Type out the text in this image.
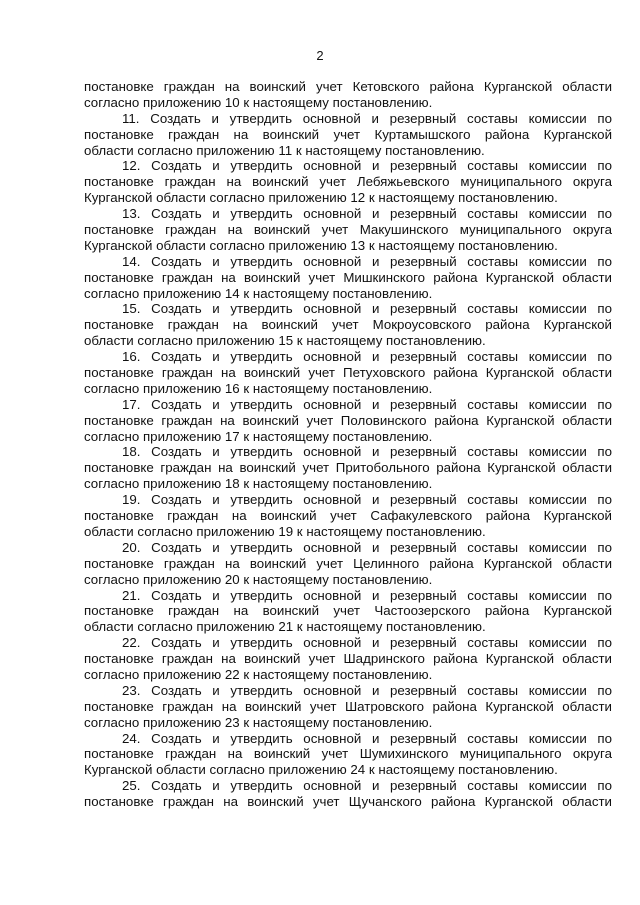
2
постановке граждан на воинский учет Кетовского района Курганской области
согласно приложению 10 к настоящему постановлению.
11. Создать и утвердить основной и резервный составы комиссии по
постановке граждан на воинский учет Куртамышского района Курганской
области согласно приложению 11 к настоящему постановлению.
12. Создать и утвердить основной и резервный составы комиссии по
постановке граждан на воинский учет Лебяжьевского муниципального округа
Курганской области согласно приложению 12 к настоящему постановлению.
13. Создать и утвердить основной и резервный составы комиссии по
постановке граждан на воинский учет Макушинского муниципального округа
Курганской области согласно приложению 13 к настоящему постановлению.
14. Создать и утвердить основной и резервный составы комиссии по
постановке граждан на воинский учет Мишкинского района Курганской области
согласно приложению 14 к настоящему постановлению.
15. Создать и утвердить основной и резервный составы комиссии по
постановке граждан на воинский учет Мокроусовского района Курганской
области согласно приложению 15 к настоящему постановлению.
16. Создать и утвердить основной и резервный составы комиссии по
постановке граждан на воинский учет Петуховского района Курганской области
согласно приложению 16 к настоящему постановлению.
17. Создать и утвердить основной и резервный составы комиссии по
постановке граждан на воинский учет Половинского района Курганской области
согласно приложению 17 к настоящему постановлению.
18. Создать и утвердить основной и резервный составы комиссии по
постановке граждан на воинский учет Притобольного района Курганской области
согласно приложению 18 к настоящему постановлению.
19. Создать и утвердить основной и резервный составы комиссии по
постановке граждан на воинский учет Сафакулевского района Курганской
области согласно приложению 19 к настоящему постановлению.
20. Создать и утвердить основной и резервный составы комиссии по
постановке граждан на воинский учет Целинного района Курганской области
согласно приложению 20 к настоящему постановлению.
21. Создать и утвердить основной и резервный составы комиссии по
постановке граждан на воинский учет Частоозерского района Курганской
области согласно приложению 21 к настоящему постановлению.
22. Создать и утвердить основной и резервный составы комиссии по
постановке граждан на воинский учет Шадринского района Курганской области
согласно приложению 22 к настоящему постановлению.
23. Создать и утвердить основной и резервный составы комиссии по
постановке граждан на воинский учет Шатровского района Курганской области
согласно приложению 23 к настоящему постановлению.
24. Создать и утвердить основной и резервный составы комиссии по
постановке граждан на воинский учет Шумихинского муниципального округа
Курганской области согласно приложению 24 к настоящему постановлению.
25. Создать и утвердить основной и резервный составы комиссии по
постановке граждан на воинский учет Щучанского района Курганской области
